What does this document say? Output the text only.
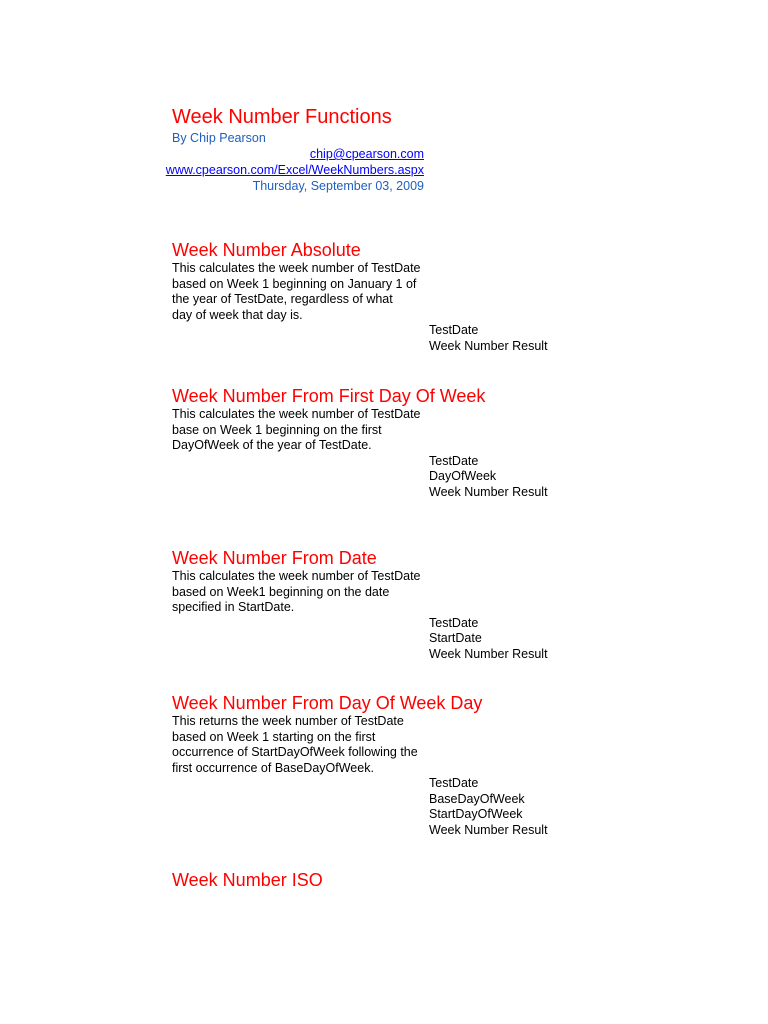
Week Number Functions
By Chip Pearson
chip@cpearson.com
www.cpearson.com/Excel/WeekNumbers.aspx
Thursday, September 03, 2009
Week Number Absolute
This calculates the week number of TestDate
based on Week 1 beginning on January 1 of
the year of TestDate, regardless of what
day of week that day is.
TestDate
Week Number Result
Week Number From First Day Of Week
This calculates the week number of TestDate
base on Week 1 beginning on the first
DayOfWeek of the year of TestDate.
TestDate
DayOfWeek
Week Number Result
Week Number From Date
This calculates the week number of TestDate
based on Week1 beginning on the date
specified in StartDate.
TestDate
StartDate
Week Number Result
Week Number From Day Of Week Day
This returns the week number of TestDate
based on Week 1 starting on the first
occurrence of StartDayOfWeek following the
first occurrence of BaseDayOfWeek.
TestDate
BaseDayOfWeek
StartDayOfWeek
Week Number Result
Week Number ISO
